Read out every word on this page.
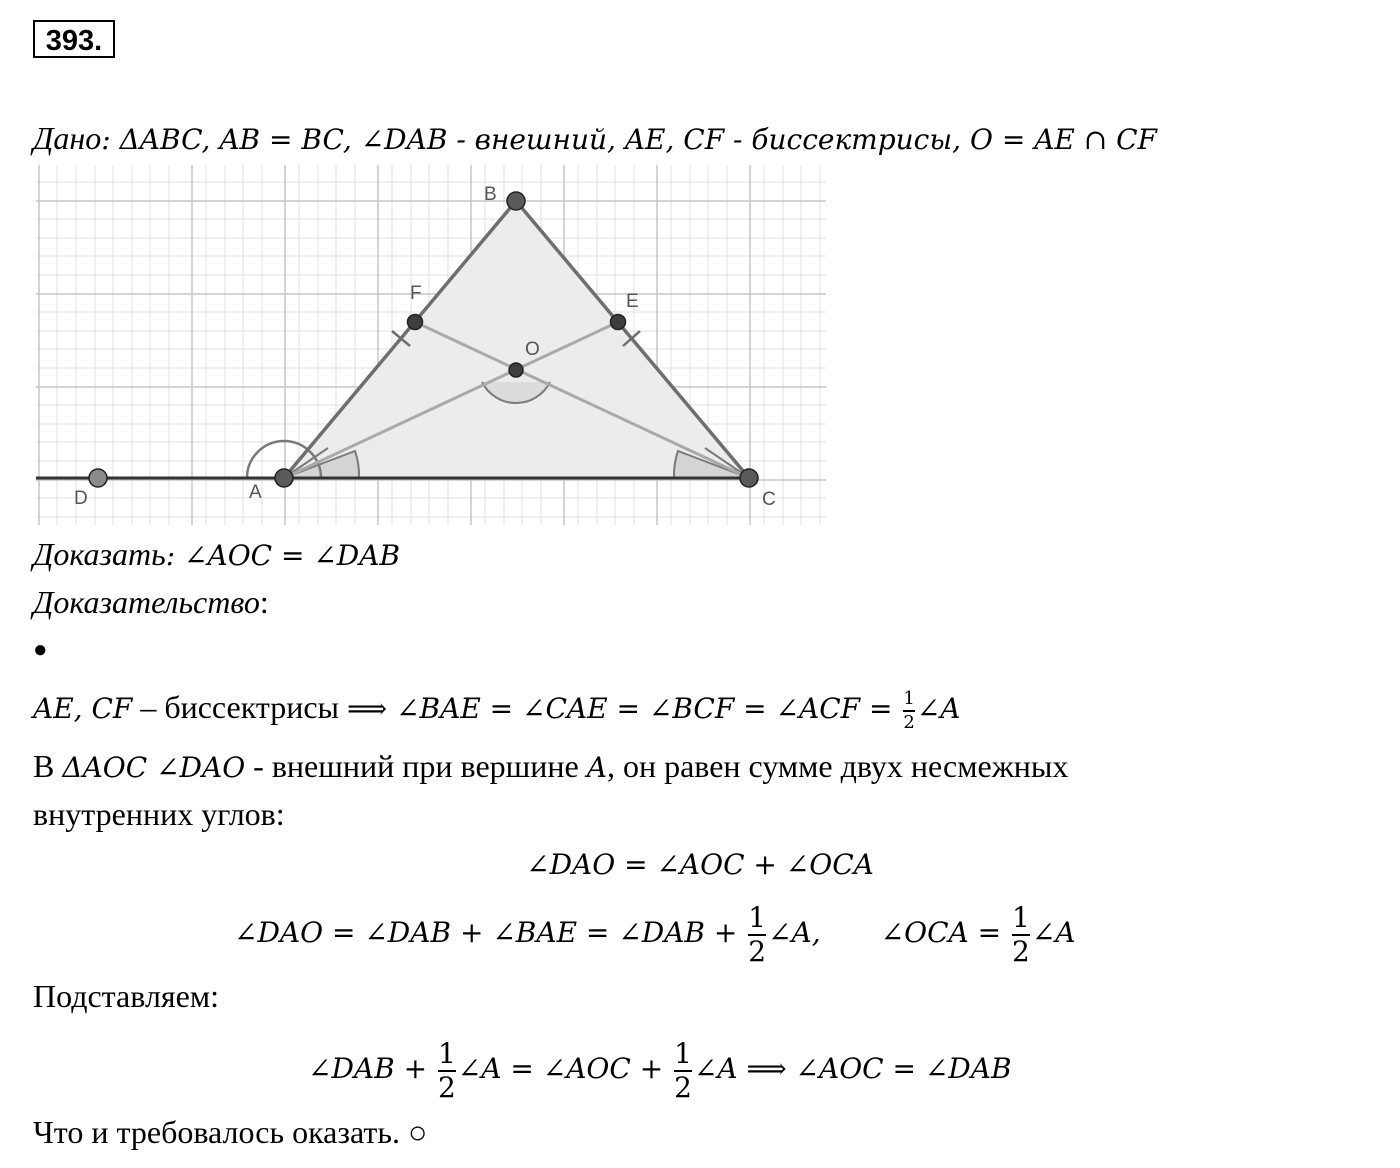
393.
Дано: ΔABC, AB = BC, ∠DAB - внешний, AE, CF - биссектрисы, O = AE ∩ CF
B
F	E
O
A
D	C
Доказать: ∠AOC = ∠DAB
Доказательство:
●
AE, CF – биссектрисы ⟹ ∠BAE = ∠CAE = ∠BCF = ∠ACF = $\frac{1}{2}$ ∠A
В ΔAOC ∠DAO - внешний при вершине A, он равен сумме двух несмежных
внутренних углов:
∠DAO = ∠AOC + ∠OCA
∠DAO = ∠DAB + ∠BAE = ∠DAB + $\frac{1}{2}$ ∠A, ∠OCA = $\frac{1}{2}$ ∠A
Подставляем:
∠DAB + $\frac{1}{2}$ ∠A = ∠AOC + $\frac{1}{2}$ ∠A ⟹ ∠AOC = ∠DAB
Что и требовалось оказать. ○
